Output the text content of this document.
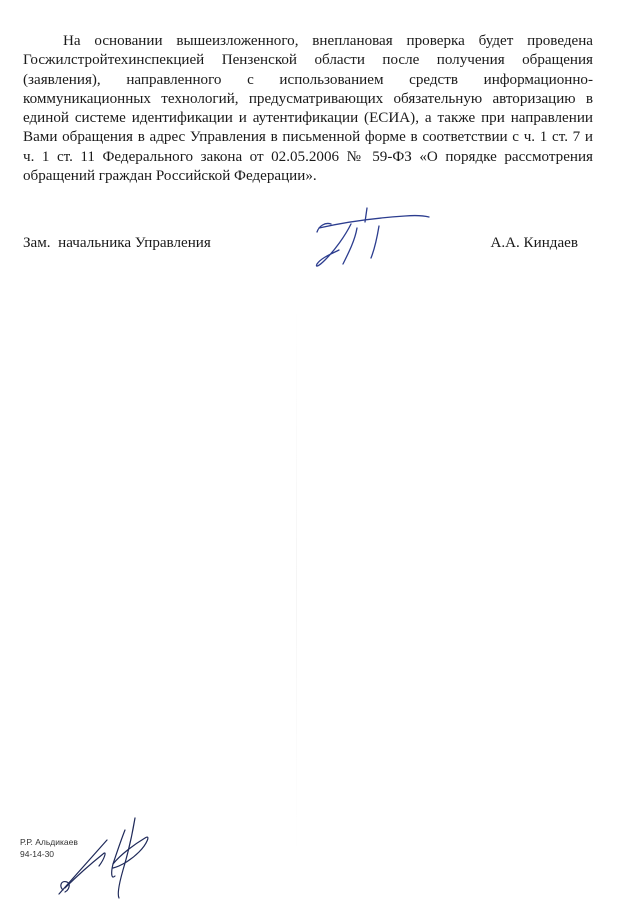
На основании вышеизложенного, внеплановая проверка будет проведена Госжилстройтехинспекцией Пензенской области после получения обращения (заявления), направленного с использованием средств информационно-коммуникационных технологий, предусматривающих обязательную авторизацию в единой системе идентификации и аутентификации (ЕСИА), а также при направлении Вами обращения в адрес Управления в письменной форме в соответствии с ч. 1 ст. 7 и ч. 1 ст. 11 Федерального закона от 02.05.2006 № 59-ФЗ «О порядке рассмотрения обращений граждан Российской Федерации».

Зам.  начальника Управления	А.А. Киндаев
Р.Р. Альдикаев
94-14-30
